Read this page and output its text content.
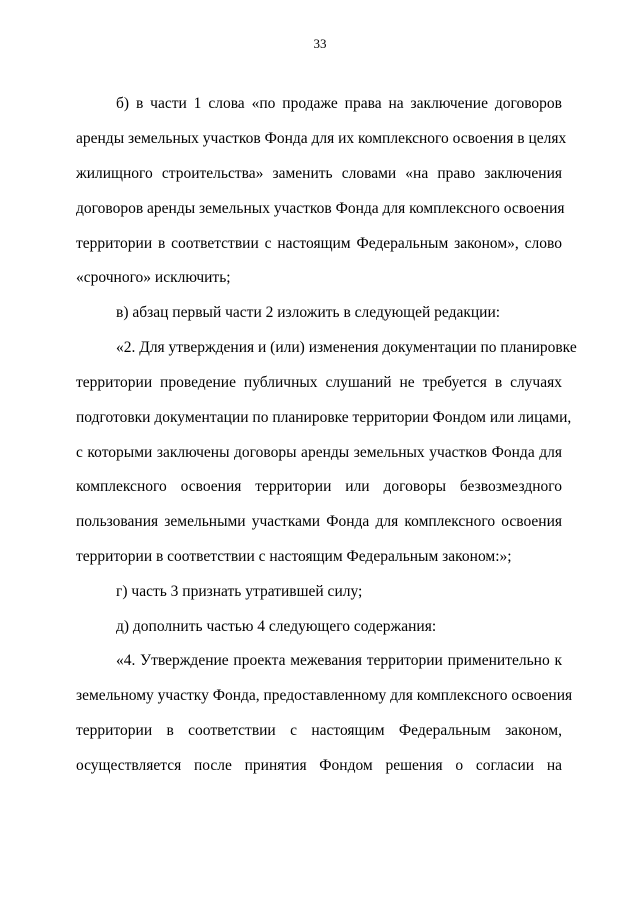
33
б) в части 1 слова «по продаже права на заключение договоров
аренды земельных участков Фонда для их комплексного освоения в целях
жилищного строительства» заменить словами «на право заключения
договоров аренды земельных участков Фонда для комплексного освоения
территории в соответствии с настоящим Федеральным законом», слово
«срочного» исключить;
в) абзац первый части 2 изложить в следующей редакции:
«2. Для утверждения и (или) изменения документации по планировке
территории проведение публичных слушаний не требуется в случаях
подготовки документации по планировке территории Фондом или лицами,
с которыми заключены договоры аренды земельных участков Фонда для
комплексного освоения территории или договоры безвозмездного
пользования земельными участками Фонда для комплексного освоения
территории в соответствии с настоящим Федеральным законом:»;
г) часть 3 признать утратившей силу;
д) дополнить частью 4 следующего содержания:
«4. Утверждение проекта межевания территории применительно к
земельному участку Фонда, предоставленному для комплексного освоения
территории в соответствии с настоящим Федеральным законом,
осуществляется после принятия Фондом решения о согласии на
